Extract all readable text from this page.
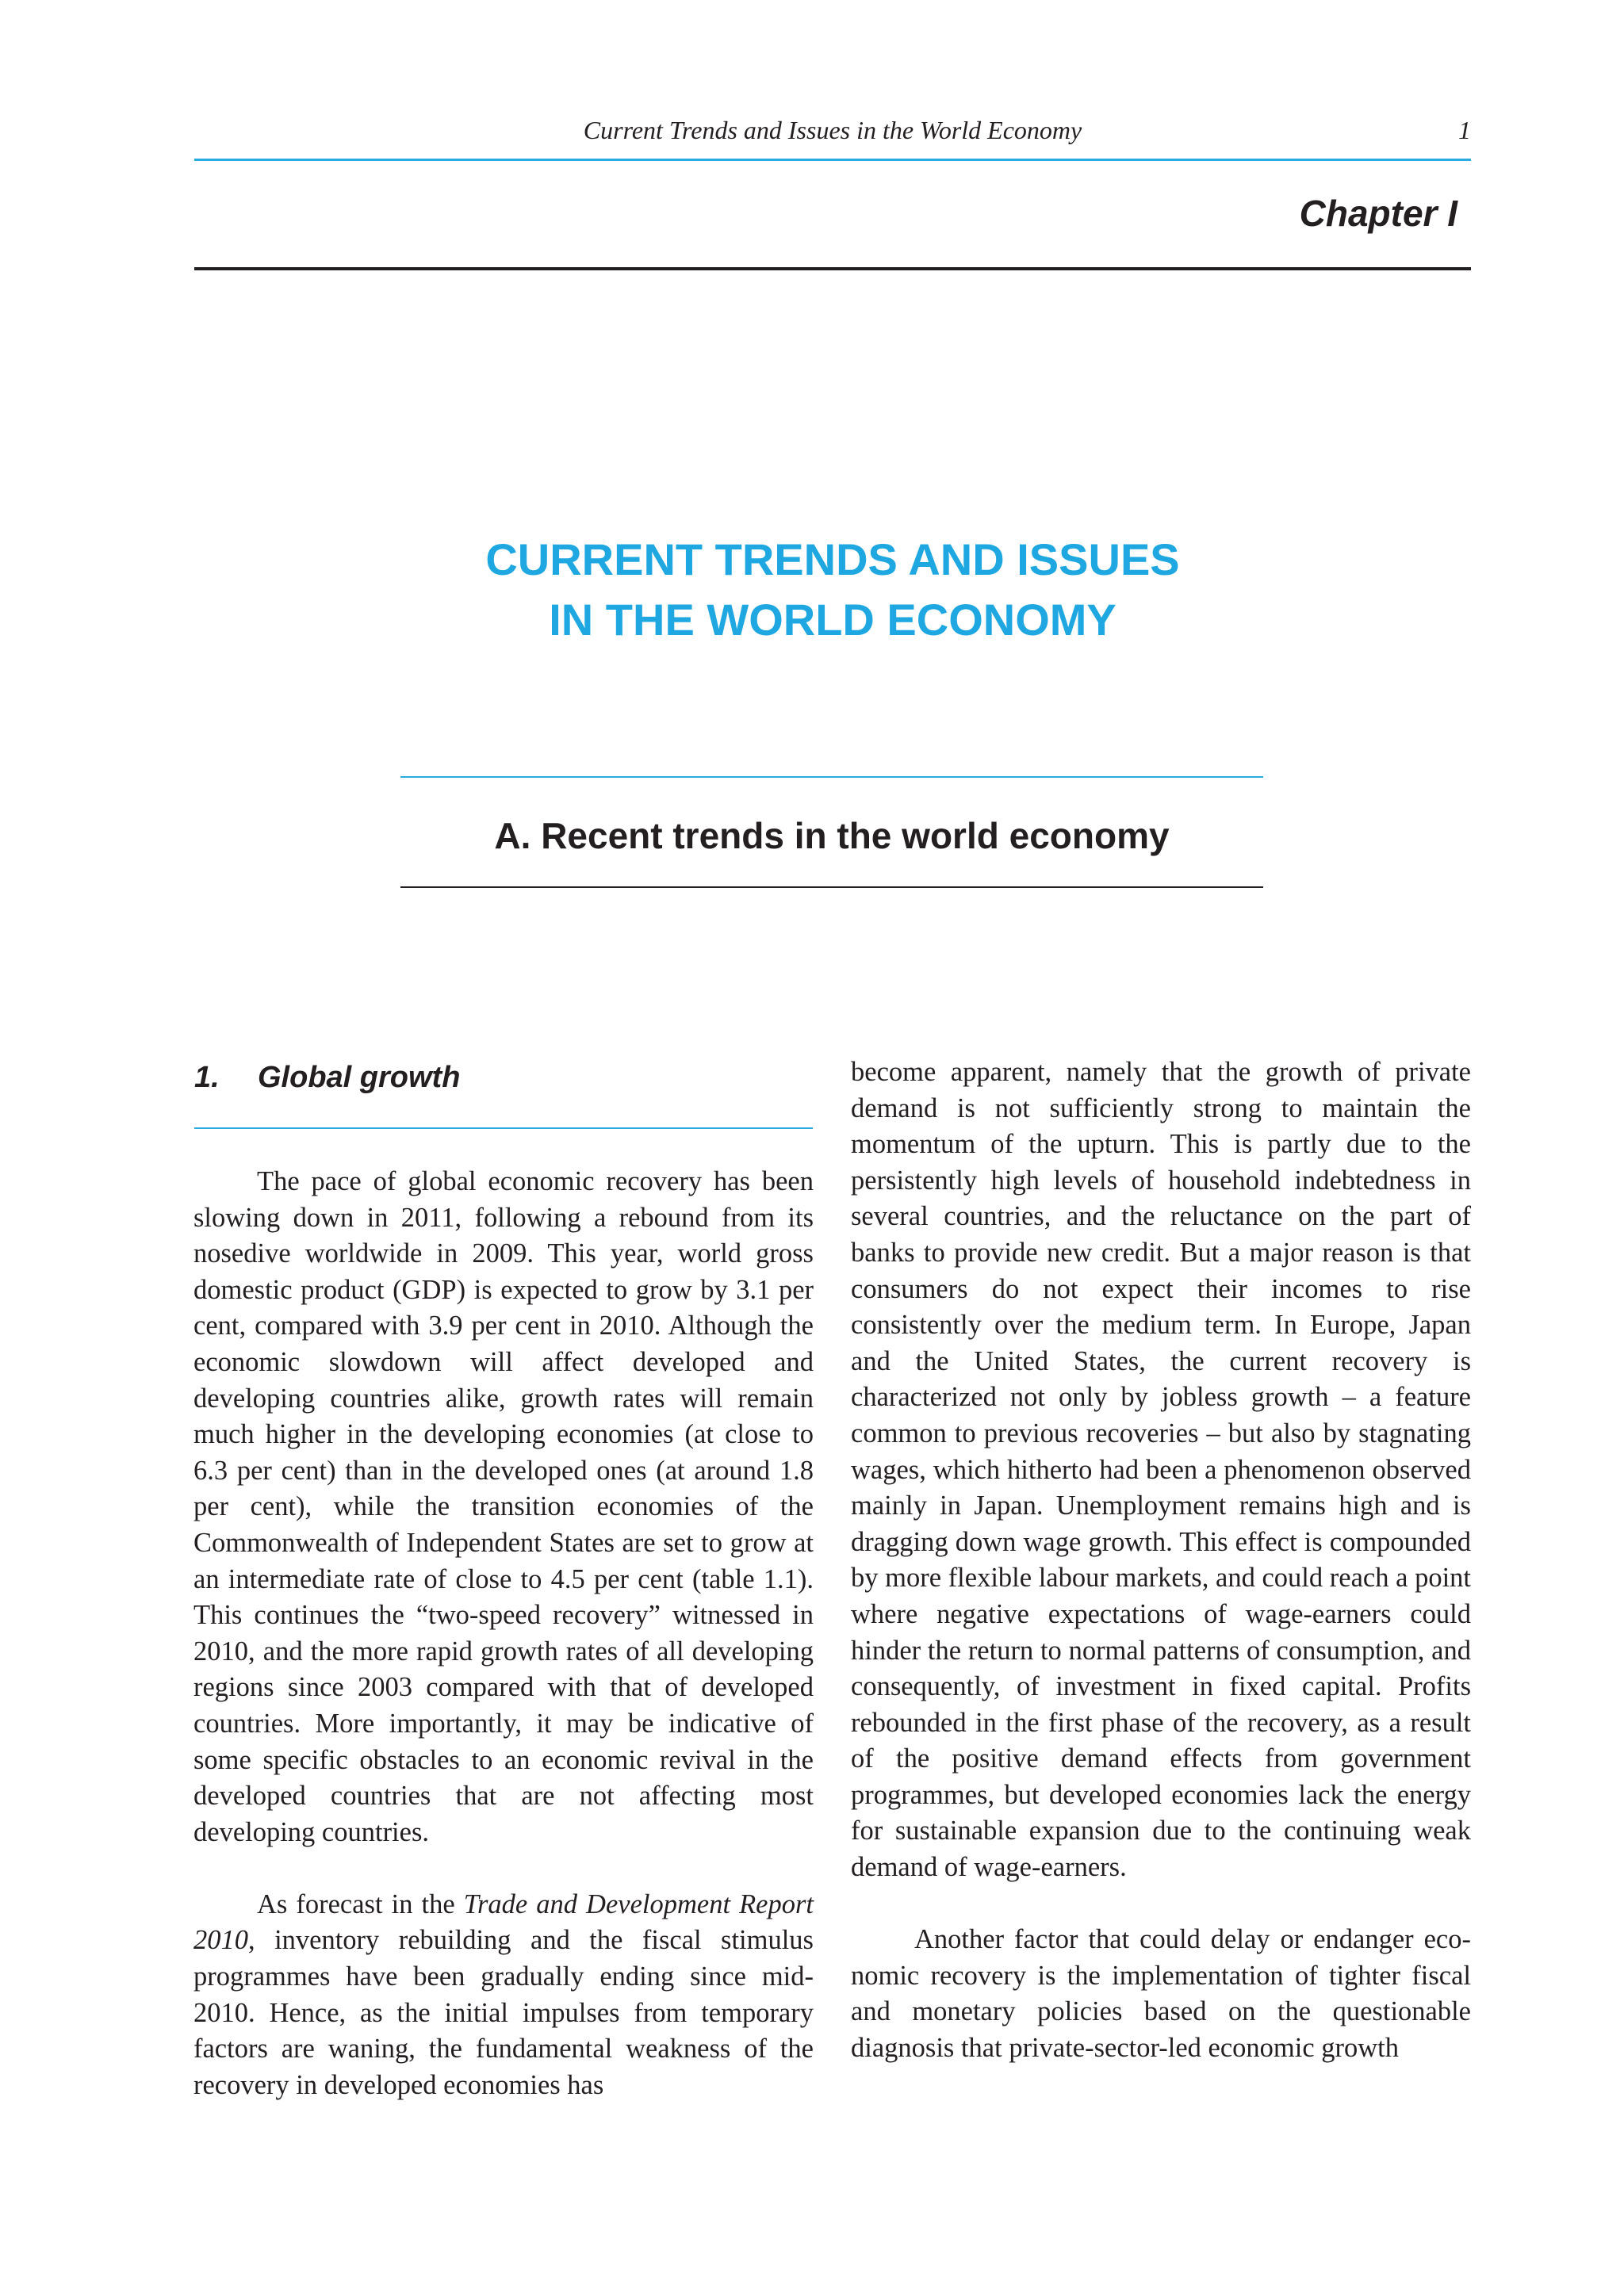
Current Trends and Issues in the World Economy	1
Chapter I
CURRENT TRENDS AND ISSUES
IN THE WORLD ECONOMY
A. Recent trends in the world economy
1. Global growth

The pace of global economic recovery has been slowing down in 2011, following a rebound from its nosedive worldwide in 2009. This year, world gross domestic product (GDP) is expected to grow by 3.1 per cent, compared with 3.9 per cent in 2010. Although the economic slowdown will affect developed and developing countries alike, growth rates will remain much higher in the developing economies (at close to 6.3 per cent) than in the developed ones (at around 1.8 per cent), while the transition economies of the Commonwealth of Independent States are set to grow at an intermediate rate of close to 4.5 per cent (table 1.1). This continues the “two-speed recovery” witnessed in 2010, and the more rapid growth rates of all developing regions since 2003 compared with that of developed countries. More importantly, it may be indicative of some specific obstacles to an economic revival in the developed countries that are not affecting most developing countries.

As forecast in the Trade and Development Report 2010, inventory rebuilding and the fiscal stimulus programmes have been gradually ending since mid-2010. Hence, as the initial impulses from temporary factors are waning, the fundamental weakness of the recovery in developed economies has

become apparent, namely that the growth of private demand is not sufficiently strong to maintain the momentum of the upturn. This is partly due to the persistently high levels of household indebtedness in several countries, and the reluctance on the part of banks to provide new credit. But a major reason is that consumers do not expect their incomes to rise consistently over the medium term. In Europe, Japan and the United States, the current recovery is characterized not only by jobless growth – a feature common to previous recoveries – but also by stagnating wages, which hitherto had been a phenomenon observed mainly in Japan. Unemployment remains high and is dragging down wage growth. This effect is compounded by more flexible labour markets, and could reach a point where negative expectations of wage-earners could hinder the return to normal patterns of consumption, and consequently, of investment in fixed capital. Profits rebounded in the first phase of the recovery, as a result of the positive demand effects from government programmes, but developed economies lack the energy for sustainable expansion due to the continuing weak demand of wage-earners.

Another factor that could delay or endanger economic recovery is the implementation of tighter fiscal and monetary policies based on the questionable diagnosis that private-sector-led economic growth
